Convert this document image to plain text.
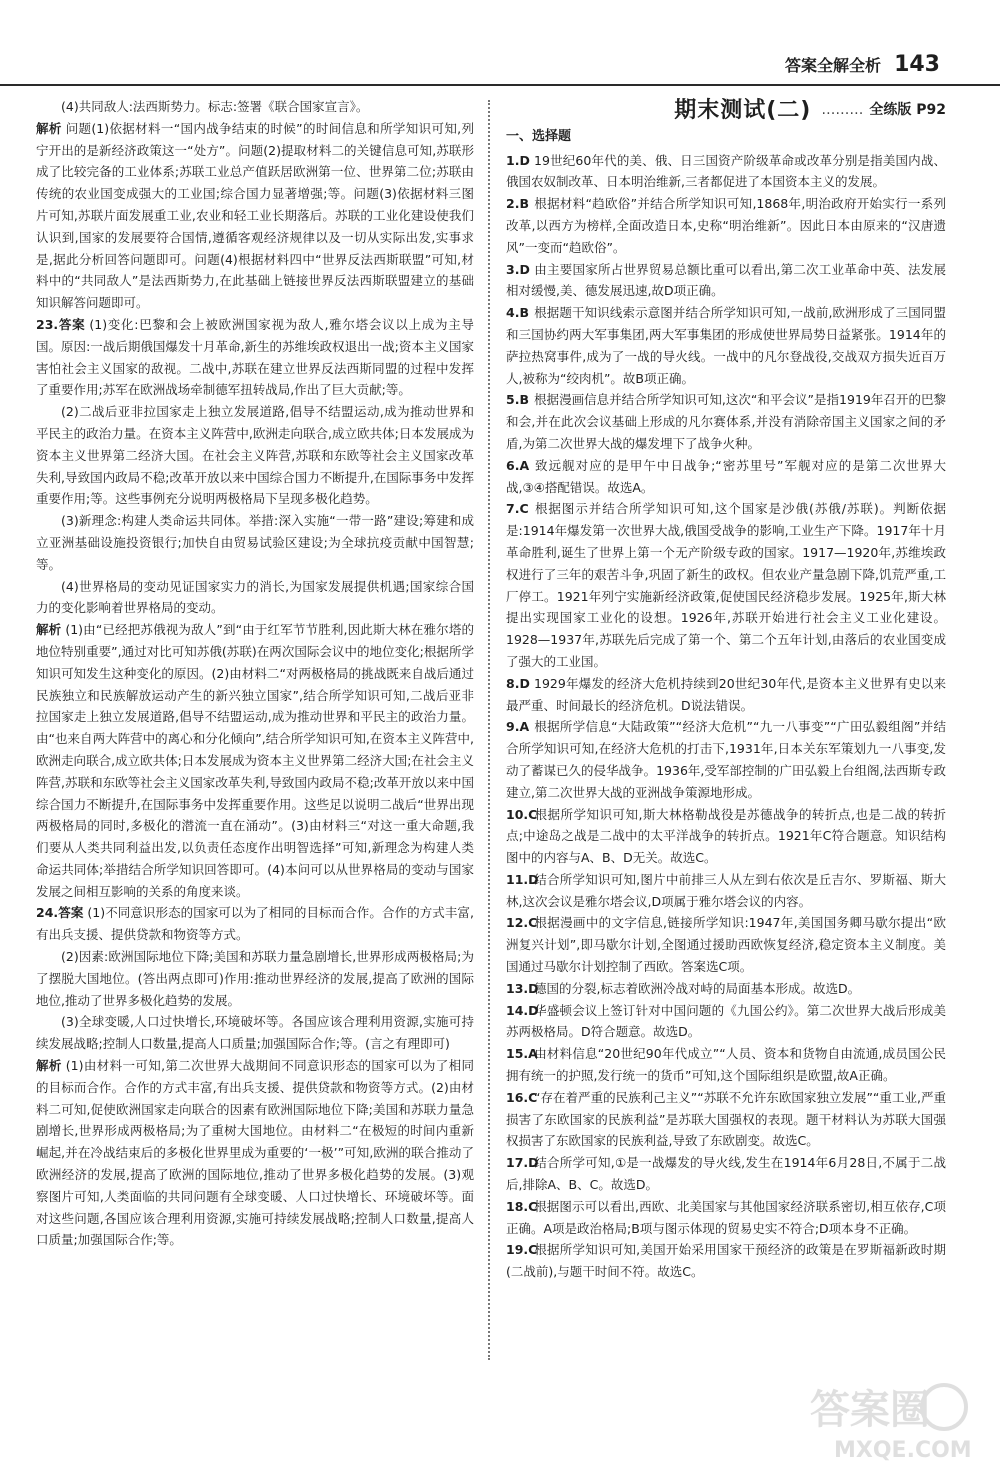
答案全解全析 143

(4)共同敌人:法西斯势力。标志:签署《联合国家宣言》。

解析 问题(1)依据材料一“国内战争结束的时候”的时间信息和所学知识可知,列宁开出的是新经济政策这一“处方”。问题(2)提取材料二的关键信息可知,苏联形成了比较完备的工业体系;苏联工业总产值跃居欧洲第一位、世界第二位;苏联由传统的农业国变成强大的工业国;综合国力显著增强;等。问题(3)依据材料三图片可知,苏联片面发展重工业,农业和轻工业长期落后。苏联的工业化建设使我们认识到,国家的发展要符合国情,遵循客观经济规律以及一切从实际出发,实事求是,据此分析回答问题即可。问题(4)根据材料四中“世界反法西斯联盟”可知,材料中的“共同敌人”是法西斯势力,在此基础上链接世界反法西斯联盟建立的基础知识解答问题即可。

23.答案 (1)变化:巴黎和会上被欧洲国家视为敌人,雅尔塔会议以上成为主导国。原因:一战后期俄国爆发十月革命,新生的苏维埃政权退出一战;资本主义国家害怕社会主义国家的敌视。二战中,苏联在建立世界反法西斯同盟的过程中发挥了重要作用;苏军在欧洲战场牵制德军扭转战局,作出了巨大贡献;等。

(2)二战后亚非拉国家走上独立发展道路,倡导不结盟运动,成为推动世界和平民主的政治力量。在资本主义阵营中,欧洲走向联合,成立欧共体;日本发展成为资本主义世界第二经济大国。在社会主义阵营,苏联和东欧等社会主义国家改革失利,导致国内政局不稳;改革开放以来中国综合国力不断提升,在国际事务中发挥重要作用;等。这些事例充分说明两极格局下呈现多极化趋势。

(3)新理念:构建人类命运共同体。举措:深入实施“一带一路”建设;筹建和成立亚洲基础设施投资银行;加快自由贸易试验区建设;为全球抗疫贡献中国智慧;等。

(4)世界格局的变动见证国家实力的消长,为国家发展提供机遇;国家综合国力的变化影响着世界格局的变动。

解析 (1)由“已经把苏俄视为敌人”到“由于红军节节胜利,因此斯大林在雅尔塔的地位特别重要”,通过对比可知苏俄(苏联)在两次国际会议中的地位变化;根据所学知识可知发生这种变化的原因。(2)由材料二“对两极格局的挑战既来自战后通过民族独立和民族解放运动产生的新兴独立国家”,结合所学知识可知,二战后亚非拉国家走上独立发展道路,倡导不结盟运动,成为推动世界和平民主的政治力量。由“也来自两大阵营中的离心和分化倾向”,结合所学知识可知,在资本主义阵营中,欧洲走向联合,成立欧共体;日本发展成为资本主义世界第二经济大国;在社会主义阵营,苏联和东欧等社会主义国家改革失利,导致国内政局不稳;改革开放以来中国综合国力不断提升,在国际事务中发挥重要作用。这些足以说明二战后“世界出现两极格局的同时,多极化的潜流一直在涌动”。(3)由材料三“对这一重大命题,我们要从人类共同利益出发,以负责任态度作出明智选择”可知,新理念为构建人类命运共同体;举措结合所学知识回答即可。(4)本问可以从世界格局的变动与国家发展之间相互影响的关系的角度来谈。

24.答案 (1)不同意识形态的国家可以为了相同的目标而合作。合作的方式丰富,有出兵支援、提供贷款和物资等方式。

(2)因素:欧洲国际地位下降;美国和苏联力量急剧增长,世界形成两极格局;为了摆脱大国地位。(答出两点即可)作用:推动世界经济的发展,提高了欧洲的国际地位,推动了世界多极化趋势的发展。

(3)全球变暖,人口过快增长,环境破坏等。各国应该合理利用资源,实施可持续发展战略;控制人口数量,提高人口质量;加强国际合作;等。(言之有理即可)

解析 (1)由材料一可知,第二次世界大战期间不同意识形态的国家可以为了相同的目标而合作。合作的方式丰富,有出兵支援、提供贷款和物资等方式。(2)由材料二可知,促使欧洲国家走向联合的因素有欧洲国际地位下降;美国和苏联力量急剧增长,世界形成两极格局;为了重树大国地位。由材料二“在极短的时间内重新崛起,并在冷战结束后的多极化世界里成为重要的‘一极’”可知,欧洲的联合推动了欧洲经济的发展,提高了欧洲的国际地位,推动了世界多极化趋势的发展。(3)观察图片可知,人类面临的共同问题有全球变暖、人口过快增长、环境破坏等。面对这些问题,各国应该合理利用资源,实施可持续发展战略;控制人口数量,提高人口质量;加强国际合作;等。

期末测试(二) ……… 全练版 P92
一、选择题

1.D 19世纪60年代的美、俄、日三国资产阶级革命或改革分别是指美国内战、俄国农奴制改革、日本明治维新,三者都促进了本国资本主义的发展。

2.B 根据材料“趋欧俗”并结合所学知识可知,1868年,明治政府开始实行一系列改革,以西方为榜样,全面改造日本,史称“明治维新”。因此日本由原来的“汉唐遗风”一变而“趋欧俗”。

3.D 由主要国家所占世界贸易总额比重可以看出,第二次工业革命中英、法发展相对缓慢,美、德发展迅速,故D项正确。

4.B 根据题干知识线索示意图并结合所学知识可知,一战前,欧洲形成了三国同盟和三国协约两大军事集团,两大军事集团的形成使世界局势日益紧张。1914年的萨拉热窝事件,成为了一战的导火线。一战中的凡尔登战役,交战双方损失近百万人,被称为“绞肉机”。故B项正确。

5.B 根据漫画信息并结合所学知识可知,这次“和平会议”是指1919年召开的巴黎和会,并在此次会议基础上形成的凡尔赛体系,并没有消除帝国主义国家之间的矛盾,为第二次世界大战的爆发埋下了战争火种。

6.A 致远舰对应的是甲午中日战争;“密苏里号”军舰对应的是第二次世界大战,③④搭配错误。故选A。

7.C 根据图示并结合所学知识可知,这个国家是沙俄(苏俄/苏联)。判断依据是:1914年爆发第一次世界大战,俄国受战争的影响,工业生产下降。1917年十月革命胜利,诞生了世界上第一个无产阶级专政的国家。1917—1920年,苏维埃政权进行了三年的艰苦斗争,巩固了新生的政权。但农业产量急剧下降,饥荒严重,工厂停工。1921年列宁实施新经济政策,促使国民经济稳步发展。1925年,斯大林提出实现国家工业化的设想。1926年,苏联开始进行社会主义工业化建设。1928—1937年,苏联先后完成了第一个、第二个五年计划,由落后的农业国变成了强大的工业国。

8.D 1929年爆发的经济大危机持续到20世纪30年代,是资本主义世界有史以来最严重、时间最长的经济危机。D说法错误。

9.A 根据所学信息“大陆政策”“经济大危机”“九一八事变”“广田弘毅组阁”并结合所学知识可知,在经济大危机的打击下,1931年,日本关东军策划九一八事变,发动了蓄谋已久的侵华战争。1936年,受军部控制的广田弘毅上台组阁,法西斯专政建立,第二次世界大战的亚洲战争策源地形成。

10.C根据所学知识可知,斯大林格勒战役是苏德战争的转折点,也是二战的转折点;中途岛之战是二战中的太平洋战争的转折点。1921年C符合题意。知识结构图中的内容与A、B、D无关。故选C。

11.D结合所学知识可知,图片中前排三人从左到右依次是丘吉尔、罗斯福、斯大林,这次会议是雅尔塔会议,D项属于雅尔塔会议的内容。

12.C根据漫画中的文字信息,链接所学知识:1947年,美国国务卿马歇尔提出“欧洲复兴计划”,即马歇尔计划,全图通过援助西欧恢复经济,稳定资本主义制度。美国通过马歇尔计划控制了西欧。答案选C项。

13.D德国的分裂,标志着欧洲冷战对峙的局面基本形成。故选D。

14.D华盛顿会议上签订针对中国问题的《九国公约》。第二次世界大战后形成美苏两极格局。D符合题意。故选D。

15.A由材料信息“20世纪90年代成立”“人员、资本和货物自由流通,成员国公民拥有统一的护照,发行统一的货币”可知,这个国际组织是欧盟,故A正确。

16.C“存在着严重的民族利己主义”“苏联不允许东欧国家独立发展”“重工业,严重损害了东欧国家的民族利益”是苏联大国强权的表现。题干材料认为苏联大国强权损害了东欧国家的民族利益,导致了东欧剧变。故选C。

17.D结合所学可知,①是一战爆发的导火线,发生在1914年6月28日,不属于二战后,排除A、B、C。故选D。

18.C根据图示可以看出,西欧、北美国家与其他国家经济联系密切,相互依存,C项正确。A项是政治格局;B项与图示体现的贸易史实不符合;D项本身不正确。

19.C根据所学知识可知,美国开始采用国家干预经济的政策是在罗斯福新政时期(二战前),与题干时间不符。故选C。

答案圈
MXQE.COM
